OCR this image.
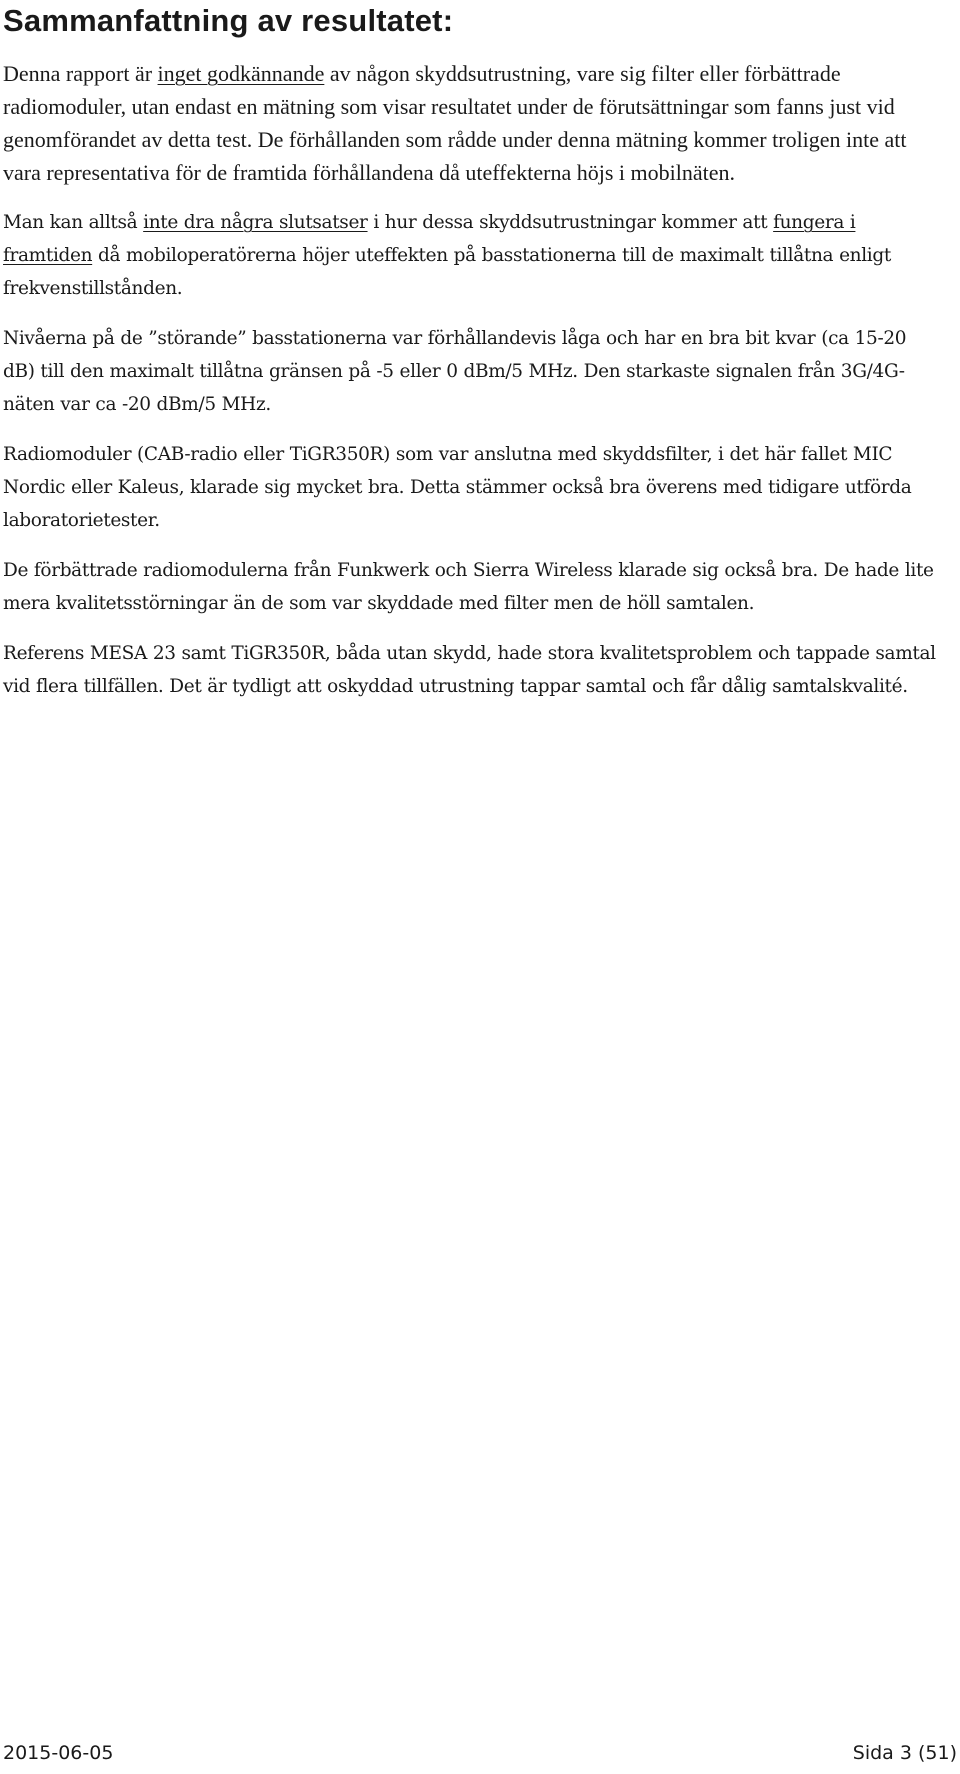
Sammanfattning av resultatet:

Denna rapport är inget godkännande av någon skyddsutrustning, vare sig filter eller förbättrade radiomoduler, utan endast en mätning som visar resultatet under de förutsättningar som fanns just vid genomförandet av detta test. De förhållanden som rådde under denna mätning kommer troligen inte att vara representativa för de framtida förhållandena då uteffekterna höjs i mobilnäten.

Man kan alltså inte dra några slutsatser i hur dessa skyddsutrustningar kommer att fungera i framtiden då mobiloperatörerna höjer uteffekten på basstationerna till de maximalt tillåtna enligt frekvenstillstånden.

Nivåerna på de ”störande” basstationerna var förhållandevis låga och har en bra bit kvar (ca 15-20 dB) till den maximalt tillåtna gränsen på -5 eller 0 dBm/5 MHz. Den starkaste signalen från 3G/4G-näten var ca -20 dBm/5 MHz.

Radiomoduler (CAB-radio eller TiGR350R) som var anslutna med skyddsfilter, i det här fallet MIC Nordic eller Kaleus, klarade sig mycket bra. Detta stämmer också bra överens med tidigare utförda laboratorietester.

De förbättrade radiomodulerna från Funkwerk och Sierra Wireless klarade sig också bra. De hade lite mera kvalitetsstörningar än de som var skyddade med filter men de höll samtalen.

Referens MESA 23 samt TiGR350R, båda utan skydd, hade stora kvalitetsproblem och tappade samtal vid flera tillfällen. Det är tydligt att oskyddad utrustning tappar samtal och får dålig samtalskvalité.

2015-06-05	Sida 3 (51)
